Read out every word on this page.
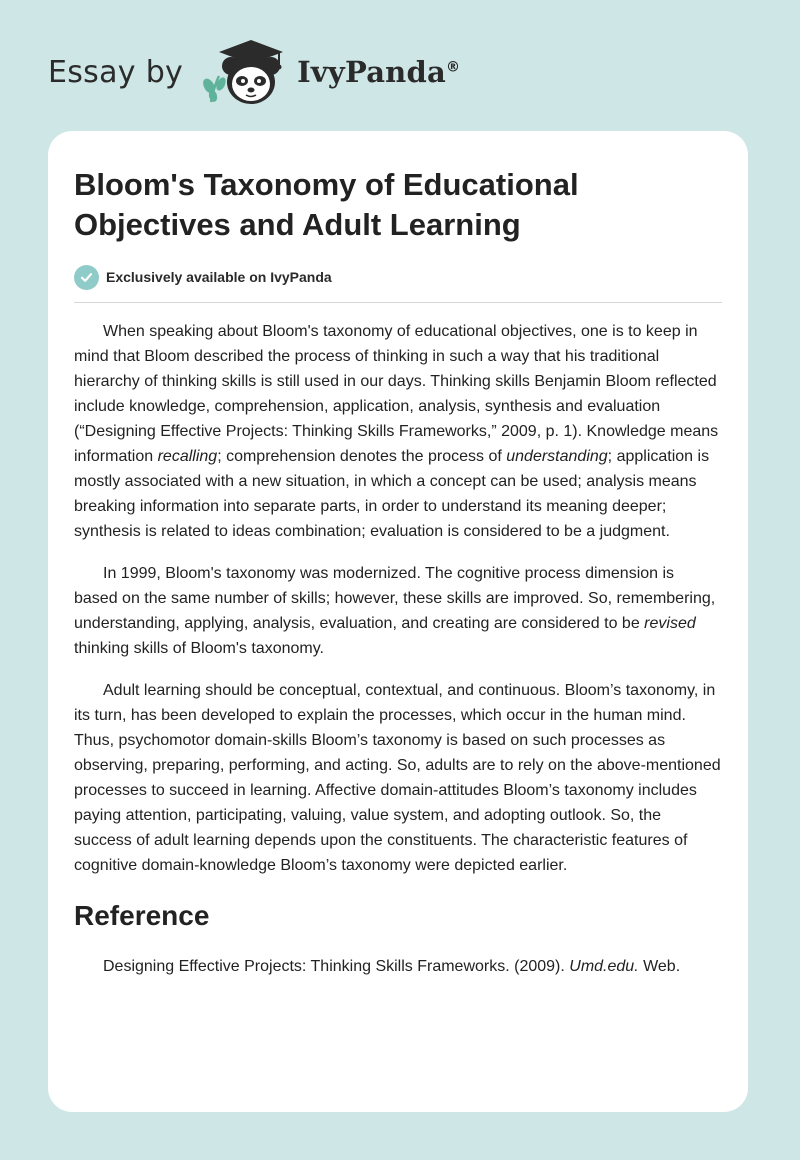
Essay by	IvyPanda®
Bloom's Taxonomy of Educational Objectives and Adult Learning
Exclusively available on IvyPanda

When speaking about Bloom's taxonomy of educational objectives, one is to keep in mind that Bloom described the process of thinking in such a way that his traditional hierarchy of thinking skills is still used in our days. Thinking skills Benjamin Bloom reflected include knowledge, comprehension, application, analysis, synthesis and evaluation (“Designing Effective Projects: Thinking Skills Frameworks,” 2009, p. 1). Knowledge means information recalling; comprehension denotes the process of understanding; application is mostly associated with a new situation, in which a concept can be used; analysis means breaking information into separate parts, in order to understand its meaning deeper; synthesis is related to ideas combination; evaluation is considered to be a judgment.

In 1999, Bloom's taxonomy was modernized. The cognitive process dimension is based on the same number of skills; however, these skills are improved. So, remembering, understanding, applying, analysis, evaluation, and creating are considered to be revised thinking skills of Bloom's taxonomy.

Adult learning should be conceptual, contextual, and continuous. Bloom’s taxonomy, in its turn, has been developed to explain the processes, which occur in the human mind. Thus, psychomotor domain-skills Bloom’s taxonomy is based on such processes as observing, preparing, performing, and acting. So, adults are to rely on the above-mentioned processes to succeed in learning. Affective domain-attitudes Bloom’s taxonomy includes paying attention, participating, valuing, value system, and adopting outlook. So, the success of adult learning depends upon the constituents. The characteristic features of cognitive domain-knowledge Bloom’s taxonomy were depicted earlier.

Reference
Designing Effective Projects: Thinking Skills Frameworks. (2009). Umd.edu. Web.
